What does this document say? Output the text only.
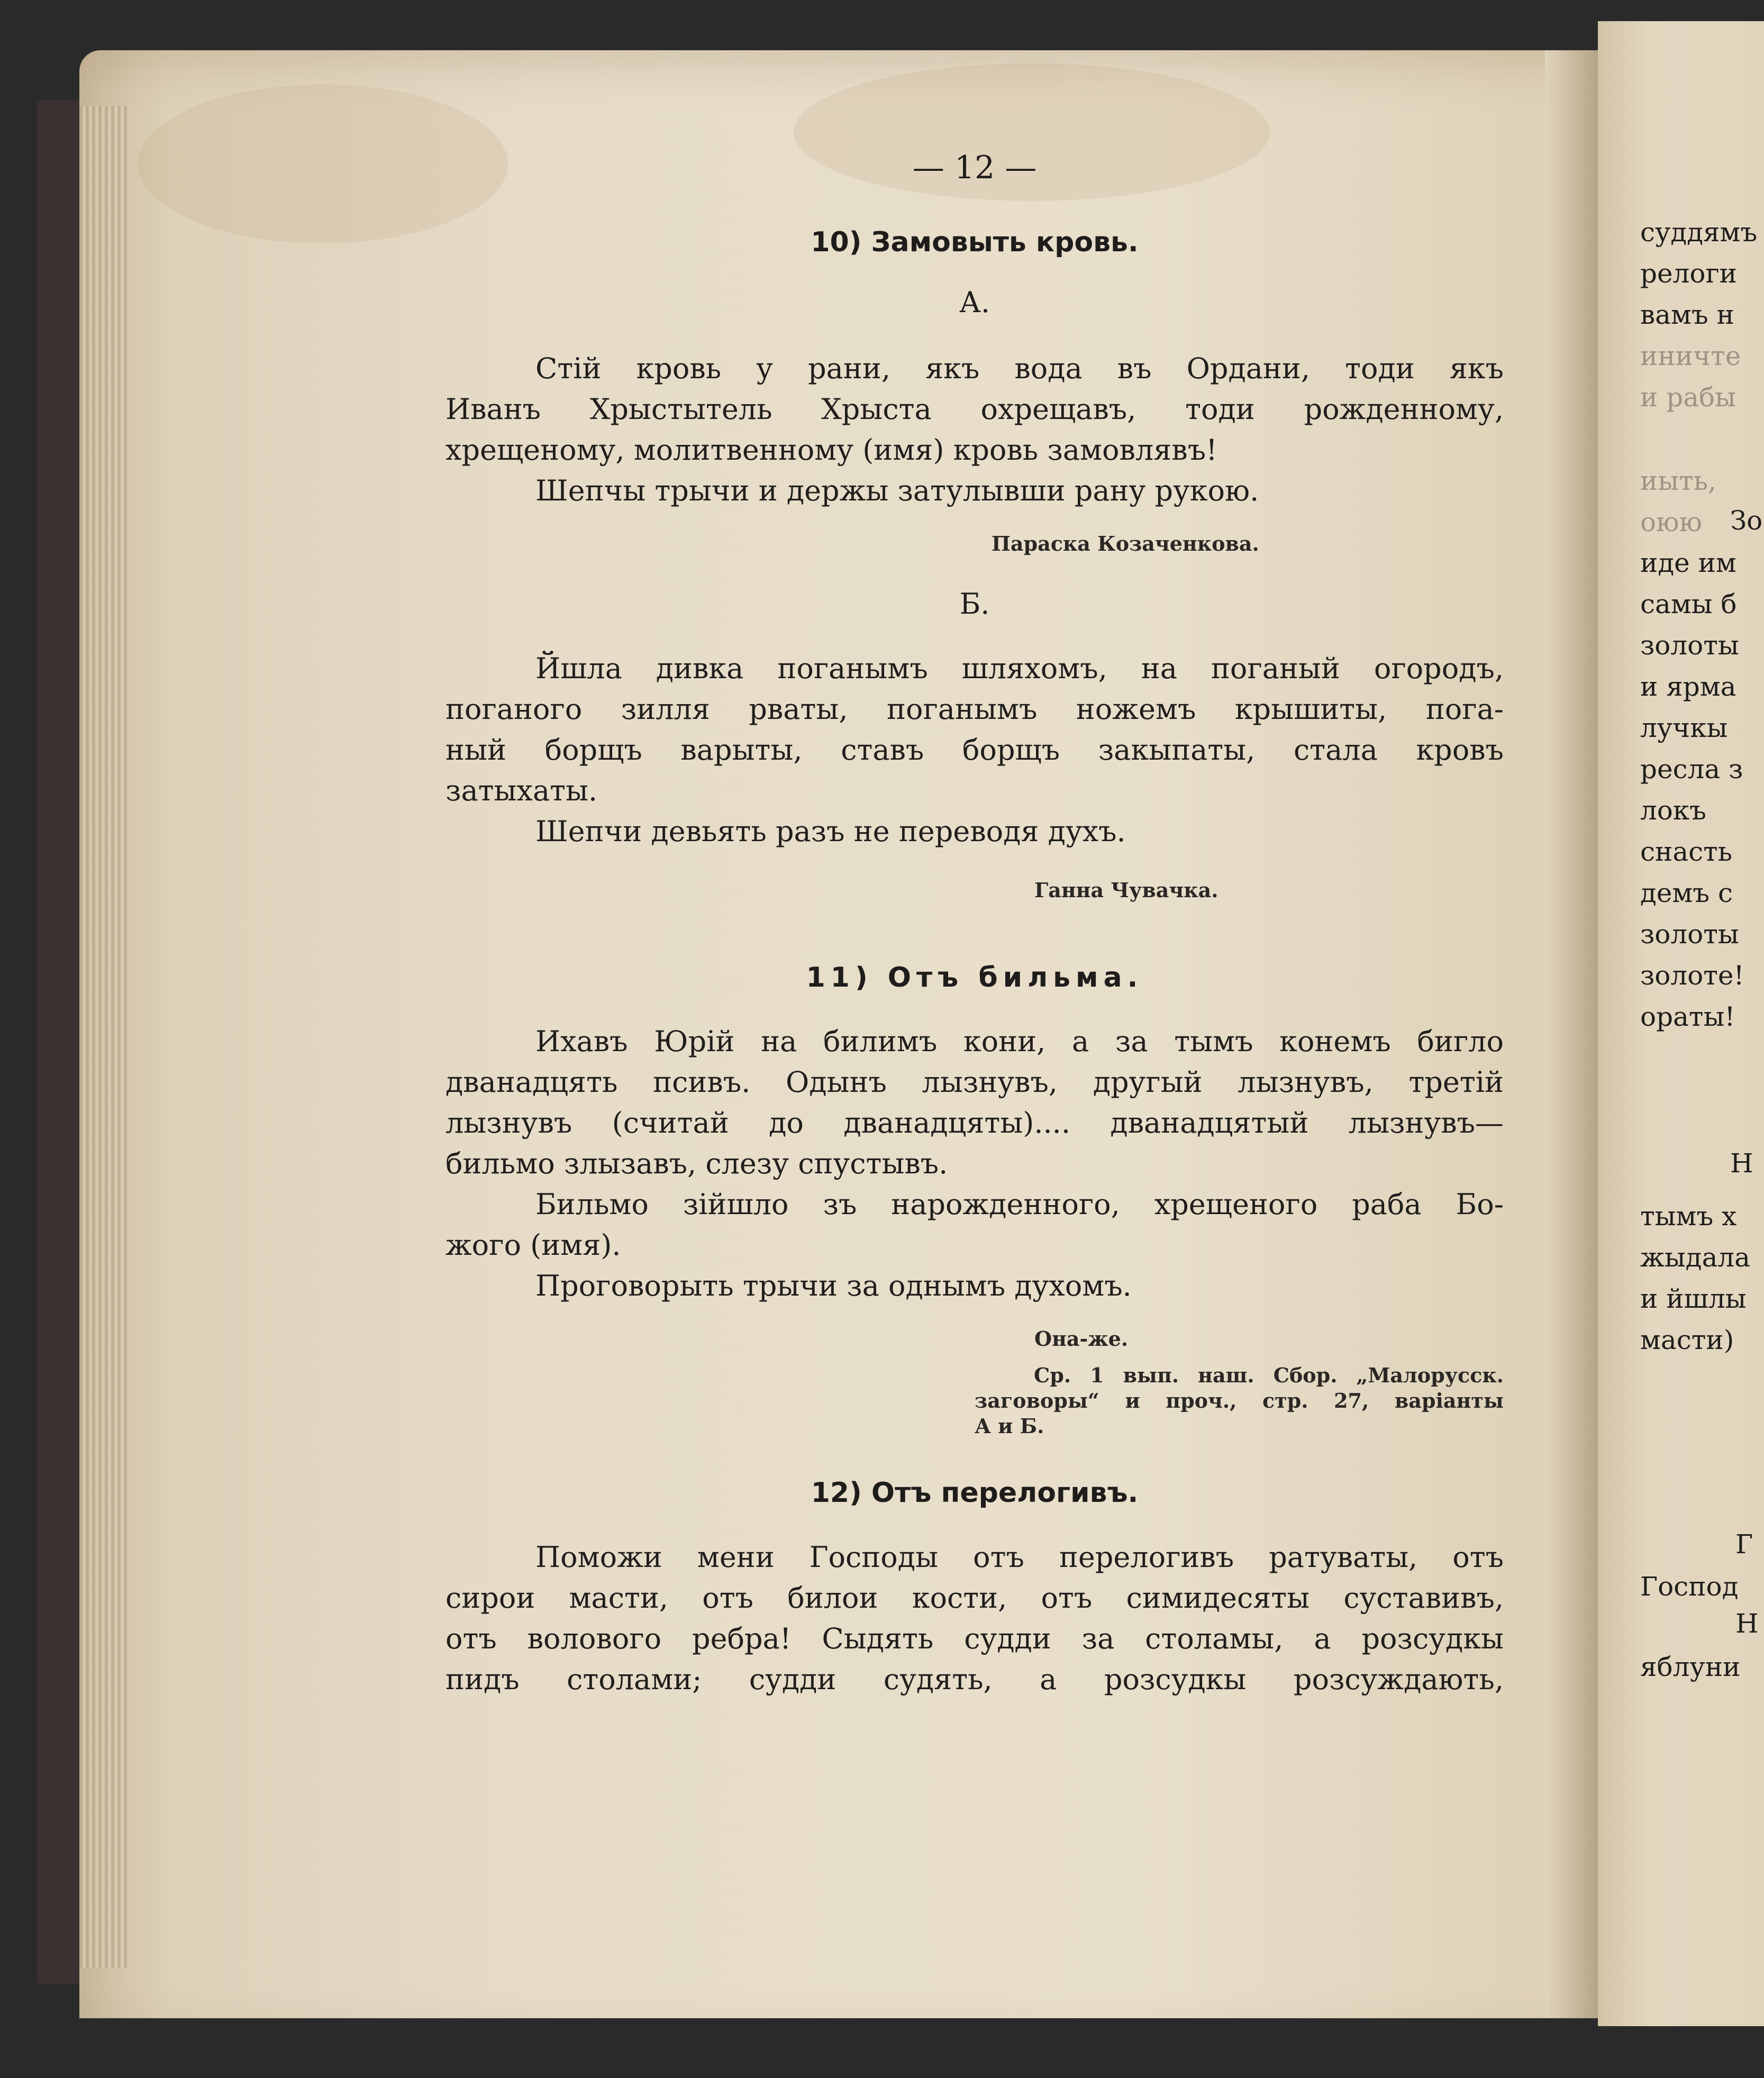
— 12 —
10) Замовыть кровь.
А.
Стій кровь у рани, якъ вода въ Ордани, тоди якъ
Иванъ Хрыстытель Хрыста охрещавъ, тоди рожденному,
хрещеному, молитвенному (имя) кровь замовлявъ!
Шепчы трычи и держы затулывши рану рукою.
Параска Козаченкова.
Б.
Йшла дивка поганымъ шляхомъ, на поганый огородъ,
поганого зилля рваты, поганымъ ножемъ крышиты, пога-
ный борщъ варыты, ставъ борщъ закыпаты, стала кровъ
затыхаты.
Шепчи девьять разъ не переводя духъ.
Ганна Чувачка.
11) Отъ бильма.
Ихавъ Юрій на билимъ кони, а за тымъ конемъ бигло
дванадцять псивъ. Одынъ лызнувъ, другый лызнувъ, третій
лызнувъ (считай до дванадцяты).... дванадцятый лызнувъ—
бильмо злызавъ, слезу спустывъ.
Бильмо зійшло зъ нарожденного, хрещеного раба Бо-
жого (имя).
Проговорыть трычи за однымъ духомъ.
Она-же.
Ср. 1 вып. наш. Сбор. „Малорусск.
заговоры“ и проч., стр. 27, варіанты
А и Б.
12) Отъ перелогивъ.
Поможи мени Господы отъ перелогивъ ратуваты, отъ
сирои масти, отъ билои кости, отъ симидесяты суставивъ,
отъ волового ребра! Сыдять судди за столамы, а розсудкы
пидъ столами; судди судять, а розсудкы розсуждають,
суддямъ
релоги
вамъ н
иничте
и рабы
иыть,
оюю Зо
иде им
самы б
золоты
и ярма
лучкы
ресла з
локъ
снасть
демъ с
золоты
золоте!
ораты!
Н
тымъ х
жыдала
и йшлы
масти)
Г
Господ
Н
яблуни
